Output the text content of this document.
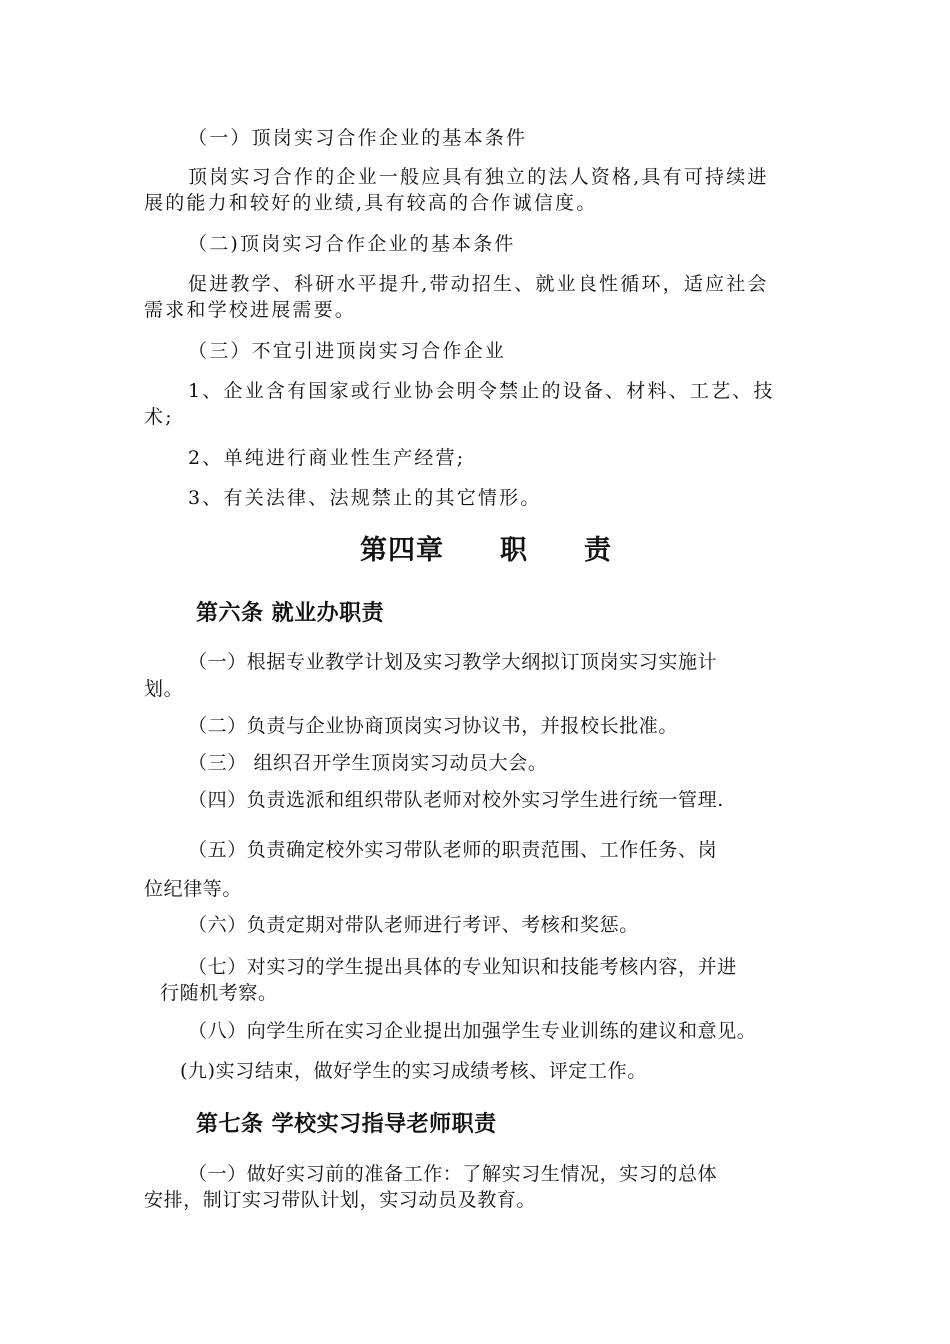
（一）顶岗实习合作企业的基本条件
顶岗实习合作的企业一般应具有独立的法人资格,具有可持续进
展的能力和较好的业绩,具有较高的合作诚信度。
（二)顶岗实习合作企业的基本条件
促进教学、科研水平提升,带动招生、就业良性循环，适应社会
需求和学校进展需要。
（三）不宜引进顶岗实习合作企业
1、企业含有国家或行业协会明令禁止的设备、材料、工艺、技
术;
2、单纯进行商业性生产经营;
3、有关法律、法规禁止的其它情形。
第四章　　职　　责
第六条 就业办职责
（一）根据专业教学计划及实习教学大纲拟订顶岗实习实施计
划。
（二）负责与企业协商顶岗实习协议书，并报校长批准。
（三） 组织召开学生顶岗实习动员大会。
（四）负责选派和组织带队老师对校外实习学生进行统一管理.
（五）负责确定校外实习带队老师的职责范围、工作任务、岗
位纪律等。
（六）负责定期对带队老师进行考评、考核和奖惩。
（七）对实习的学生提出具体的专业知识和技能考核内容，并进
行随机考察。
（八）向学生所在实习企业提出加强学生专业训练的建议和意见。
(九)实习结束，做好学生的实习成绩考核、评定工作。
第七条 学校实习指导老师职责
（一）做好实习前的准备工作：了解实习生情况，实习的总体
安排，制订实习带队计划，实习动员及教育。
